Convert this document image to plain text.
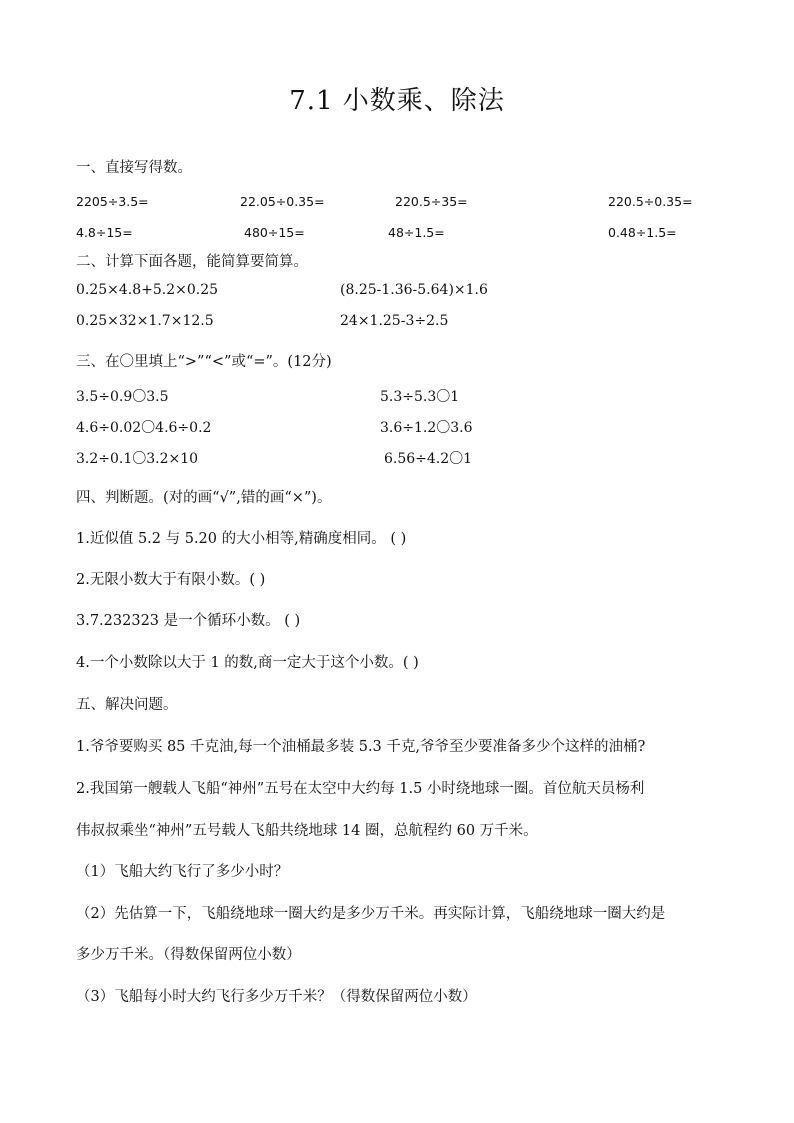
7.1 小数乘、除法
一、直接写得数。
2205÷3.5=	22.05÷0.35=	220.5÷35=	220.5÷0.35=
4.8÷15=	480÷15=	48÷1.5=	0.48÷1.5=
二、计算下面各题，能简算要简算。
0.25×4.8+5.2×0.25	(8.25-1.36-5.64)×1.6
0.25×32×1.7×12.5	24×1.25-3÷2.5
三、在〇里填上“>”“<”或“=”。(12分)
3.5÷0.9〇3.5	5.3÷5.3〇1
4.6÷0.02〇4.6÷0.2	3.6÷1.2〇3.6
3.2÷0.1〇3.2×10	6.56÷4.2〇1
四、判断题。(对的画“√”,错的画“×”)。
1.近似值 5.2 与 5.20 的大小相等,精确度相同。 ( )
2.无限小数大于有限小数。( )
3.7.232323 是一个循环小数。 ( )
4.一个小数除以大于 1 的数,商一定大于这个小数。( )
五、解决问题。
1.爷爷要购买 85 千克油,每一个油桶最多装 5.3 千克,爷爷至少要准备多少个这样的油桶?
2.我国第一艘载人飞船“神州”五号在太空中大约每 1.5 小时绕地球一圈。首位航天员杨利
伟叔叔乘坐“神州”五号载人飞船共绕地球 14 圈，总航程约 60 万千米。
（1）飞船大约飞行了多少小时？
（2）先估算一下，飞船绕地球一圈大约是多少万千米。再实际计算，飞船绕地球一圈大约是
多少万千米。（得数保留两位小数）
（3）飞船每小时大约飞行多少万千米？（得数保留两位小数）
